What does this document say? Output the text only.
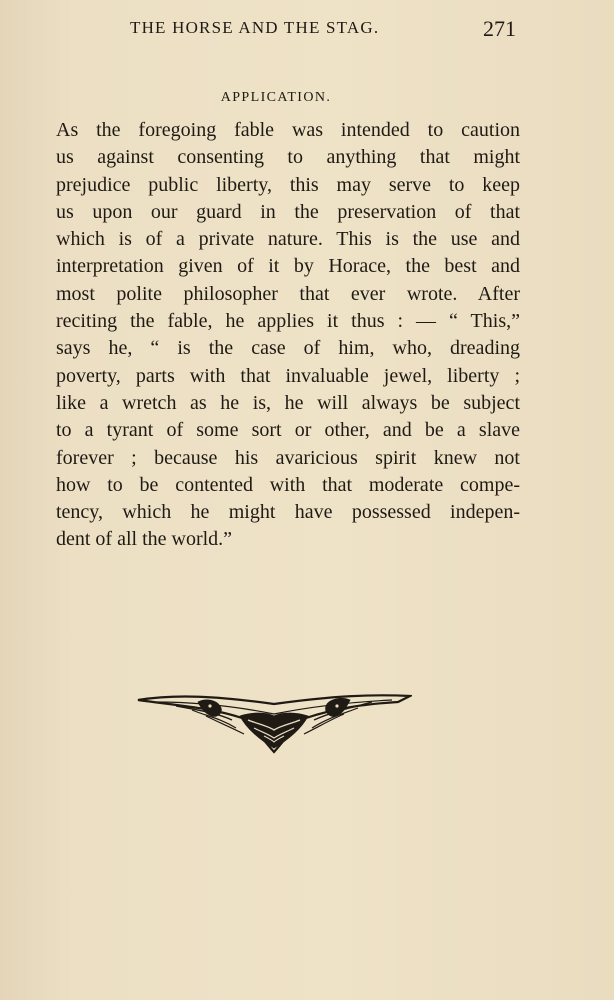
THE HORSE AND THE STAG.	271
APPLICATION.
As the foregoing fable was intended to caution
us against consenting to anything that might
prejudice public liberty, this may serve to keep
us upon our guard in the preservation of that
which is of a private nature. This is the use and
interpretation given of it by Horace, the best and
most polite philosopher that ever wrote. After
reciting the fable, he applies it thus : — “ This,”
says he, “ is the case of him, who, dreading
poverty, parts with that invaluable jewel, liberty ;
like a wretch as he is, he will always be subject
to a tyrant of some sort or other, and be a slave
forever ; because his avaricious spirit knew not
how to be contented with that moderate compe-
tency, which he might have possessed indepen-
dent of all the world.”
